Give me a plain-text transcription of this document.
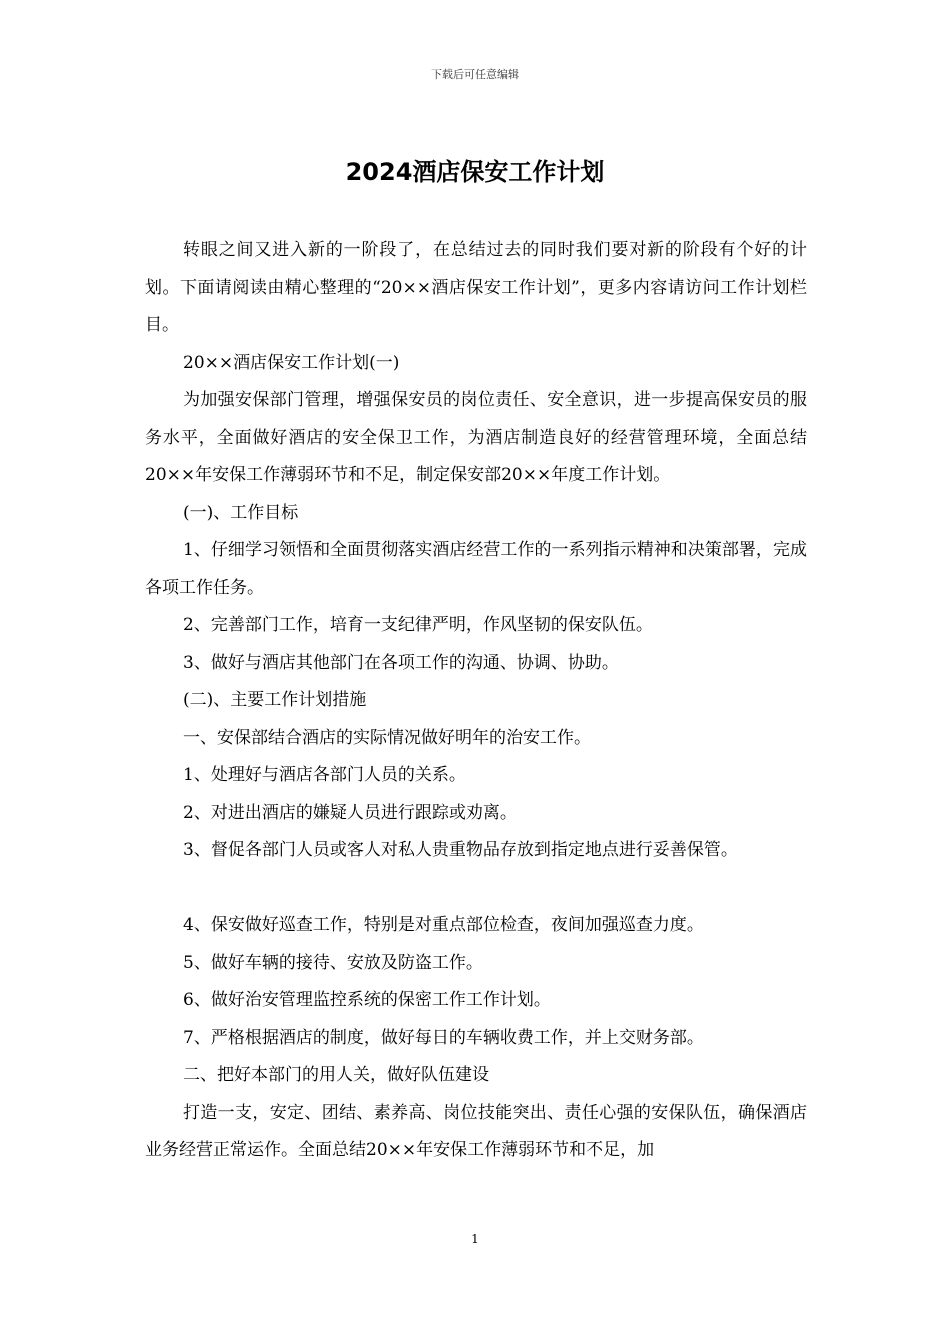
下载后可任意编辑
2024酒店保安工作计划

转眼之间又进入新的一阶段了，在总结过去的同时我们要对新的阶段有个好的计划。下面请阅读由精心整理的“20××酒店保安工作计划”，更多内容请访问工作计划栏目。

20××酒店保安工作计划(一)

为加强安保部门管理，增强保安员的岗位责任、安全意识，进一步提高保安员的服务水平，全面做好酒店的安全保卫工作，为酒店制造良好的经营管理环境，全面总结20××年安保工作薄弱环节和不足，制定保安部20××年度工作计划。

(一)、工作目标

1、仔细学习领悟和全面贯彻落实酒店经营工作的一系列指示精神和决策部署，完成各项工作任务。

2、完善部门工作，培育一支纪律严明，作风坚韧的保安队伍。

3、做好与酒店其他部门在各项工作的沟通、协调、协助。

(二)、主要工作计划措施

一、安保部结合酒店的实际情况做好明年的治安工作。

1、处理好与酒店各部门人员的关系。

2、对进出酒店的嫌疑人员进行跟踪或劝离。

3、督促各部门人员或客人对私人贵重物品存放到指定地点进行妥善保管。

4、保安做好巡查工作，特别是对重点部位检查，夜间加强巡查力度。

5、做好车辆的接待、安放及防盗工作。

6、做好治安管理监控系统的保密工作工作计划。

7、严格根据酒店的制度，做好每日的车辆收费工作，并上交财务部。

二、把好本部门的用人关，做好队伍建设

打造一支，安定、团结、素养高、岗位技能突出、责任心强的安保队伍，确保酒店业务经营正常运作。全面总结20××年安保工作薄弱环节和不足，加

1
